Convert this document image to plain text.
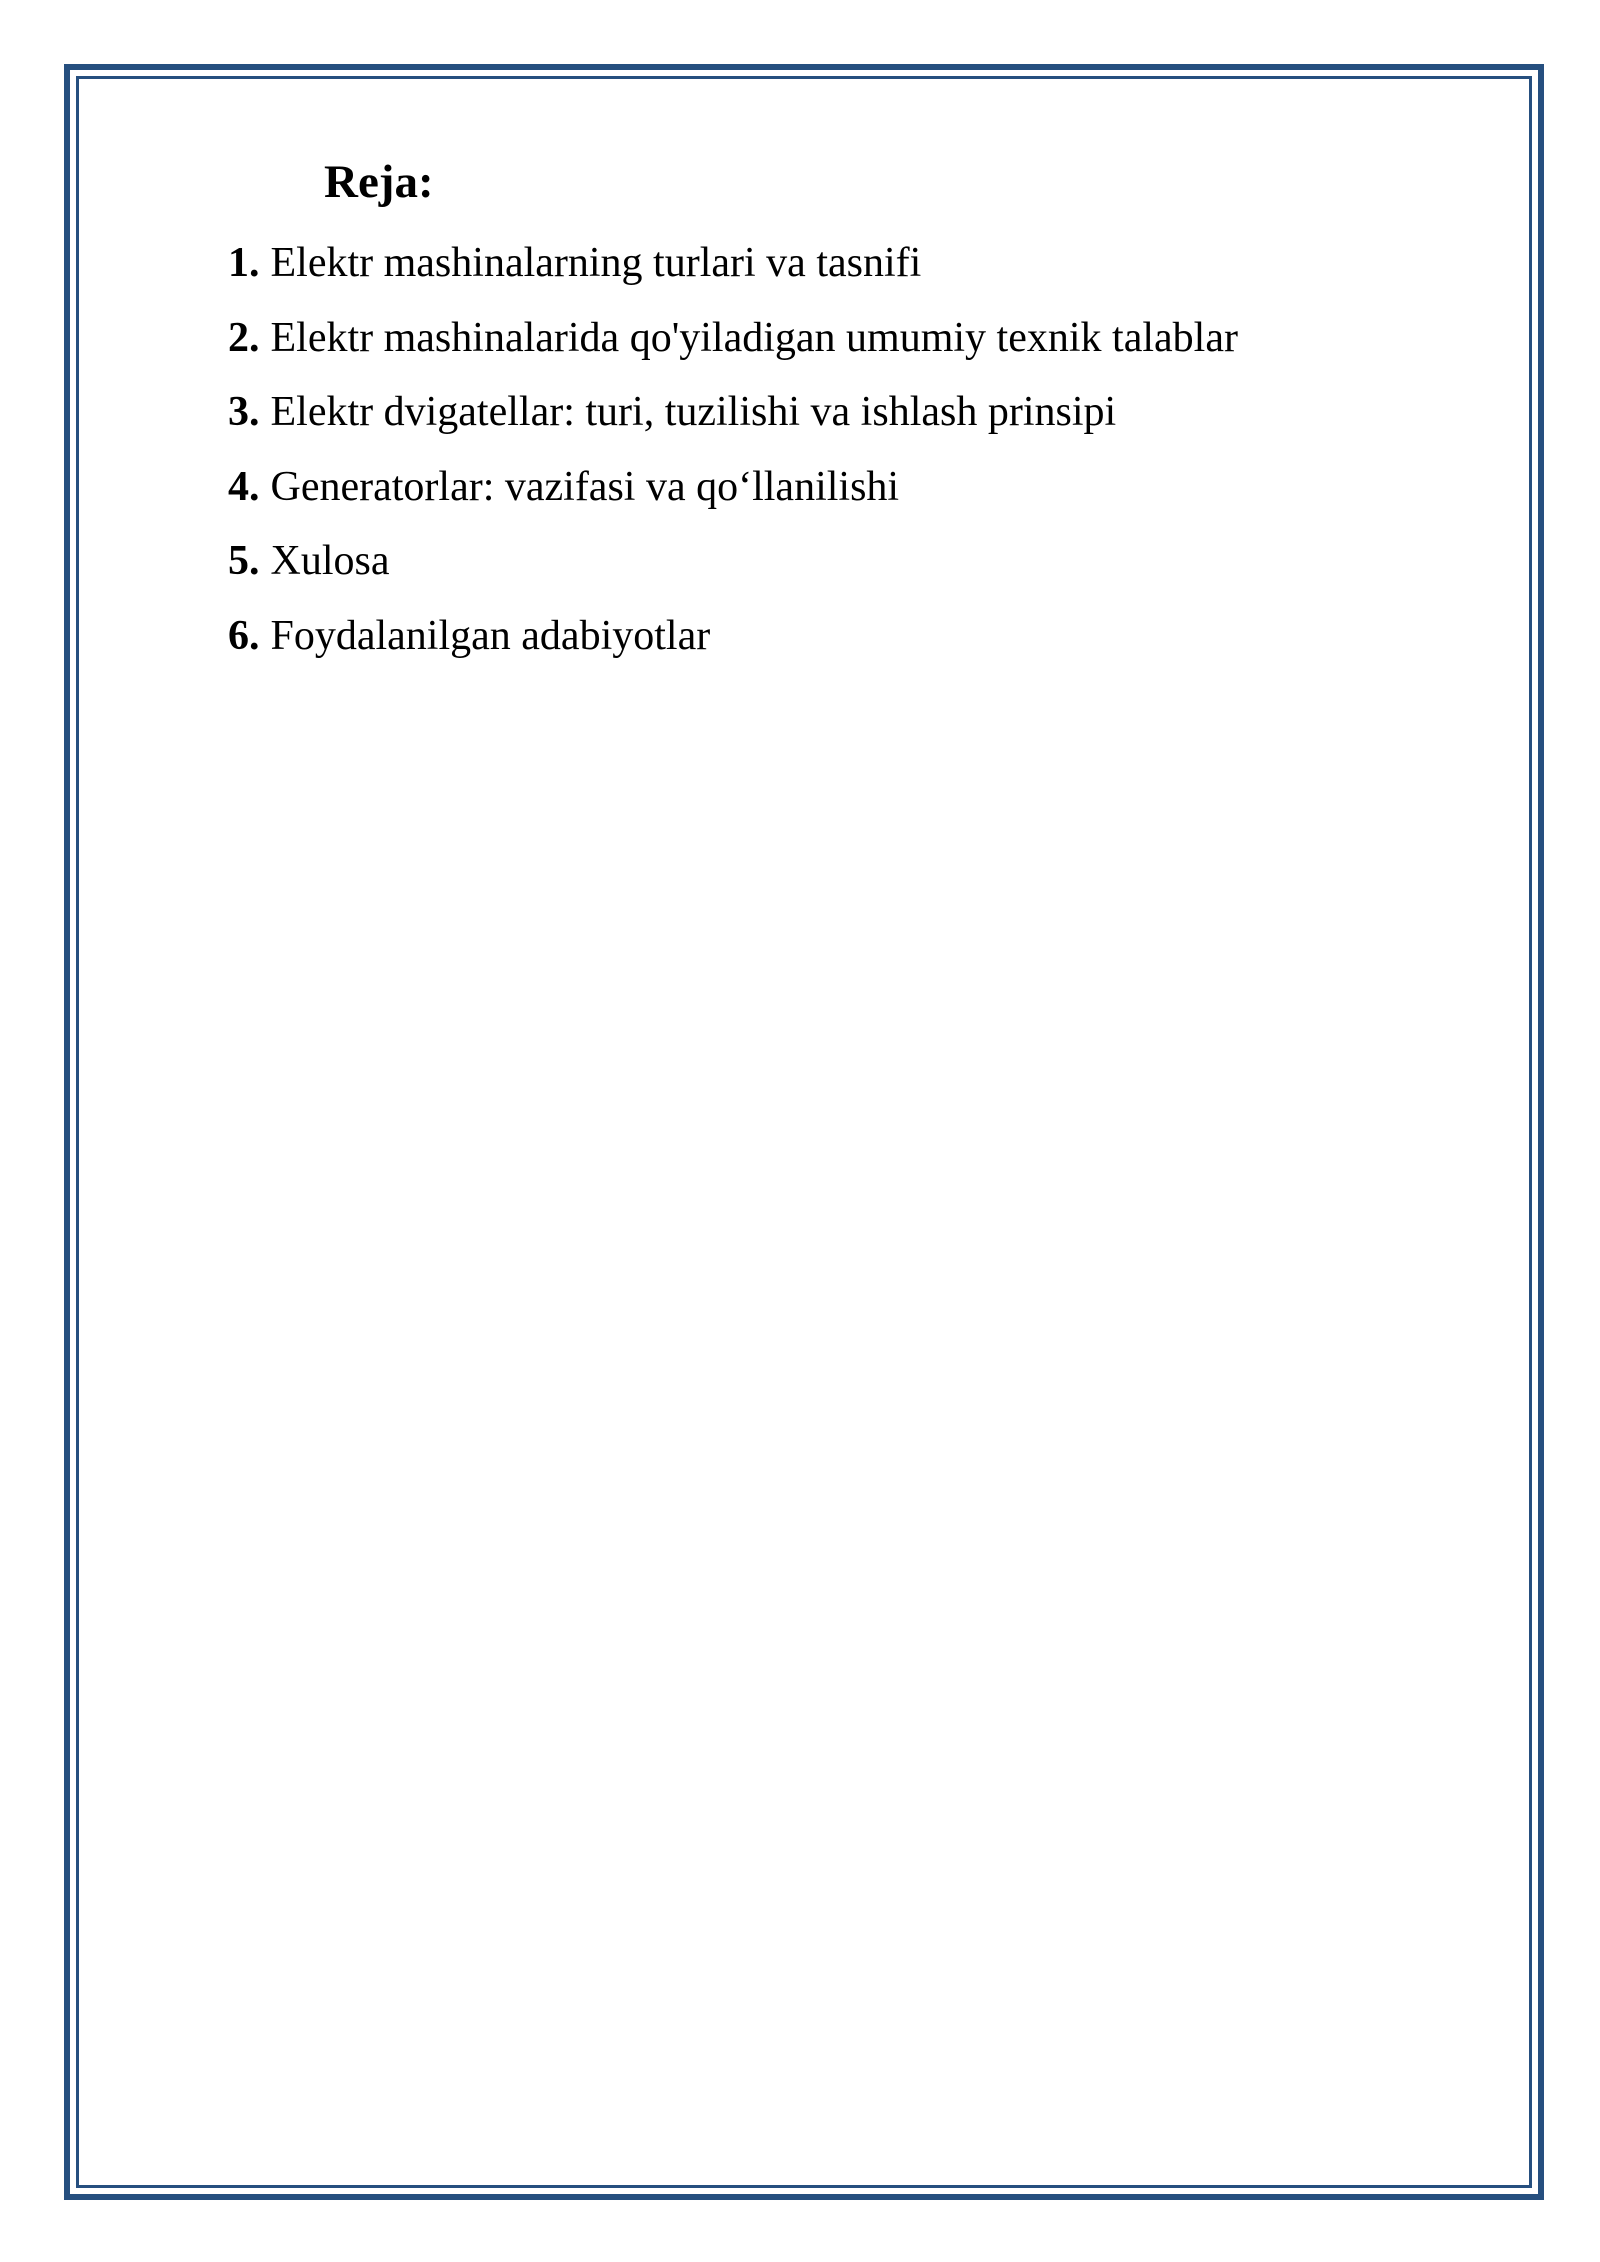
Reja:
1. Elektr mashinalarning turlari va tasnifi
2. Elektr mashinalarida qo'yiladigan umumiy texnik talablar
3. Elektr dvigatellar: turi, tuzilishi va ishlash prinsipi
4. Generatorlar: vazifasi va qo‘llanilishi
5. Xulosa
6. Foydalanilgan adabiyotlar
